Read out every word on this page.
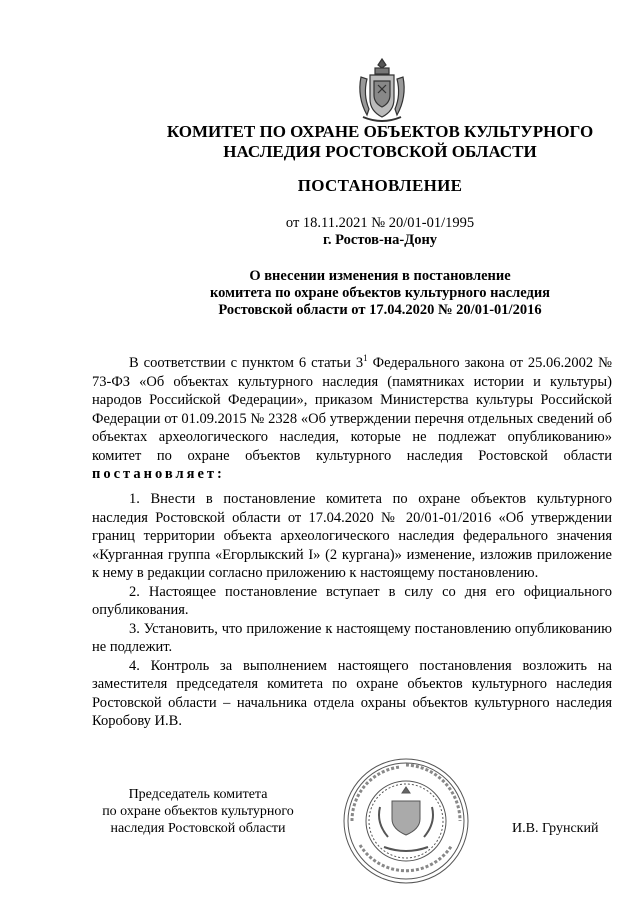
КОМИТЕТ ПО ОХРАНЕ ОБЪЕКТОВ КУЛЬТУРНОГО
НАСЛЕДИЯ РОСТОВСКОЙ ОБЛАСТИ
ПОСТАНОВЛЕНИЕ
от 18.11.2021 № 20/01-01/1995
г. Ростов-на-Дону
О внесении изменения в постановление
комитета по охране объектов культурного наследия
Ростовской области от 17.04.2020 № 20/01-01/2016

В соответствии с пунктом 6 статьи $3^1$ Федерального закона от 25.06.2002 № 73-ФЗ «Об объектах культурного наследия (памятниках истории и культуры) народов Российской Федерации», приказом Министерства культуры Российской Федерации от 01.09.2015 № 2328 «Об утверждении перечня отдельных сведений об объектах археологического наследия, которые не подлежат опубликованию» комитет по охране объектов культурного наследия Ростовской области постановляет:

1. Внести в постановление комитета по охране объектов культурного наследия Ростовской области от 17.04.2020 № 20/01-01/2016 «Об утверждении границ территории объекта археологического наследия федерального значения «Курганная группа «Егорлыкский I» (2 кургана)» изменение, изложив приложение к нему в редакции согласно приложению к настоящему постановлению.

2. Настоящее постановление вступает в силу со дня его официального опубликования.

3. Установить, что приложение к настоящему постановлению опубликованию не подлежит.

4. Контроль за выполнением настоящего постановления возложить на заместителя председателя комитета по охране объектов культурного наследия Ростовской области – начальника отдела охраны объектов культурного наследия Коробову И.В.

Председатель комитета
по охране объектов культурного
наследия Ростовской области	И.В. Грунский
